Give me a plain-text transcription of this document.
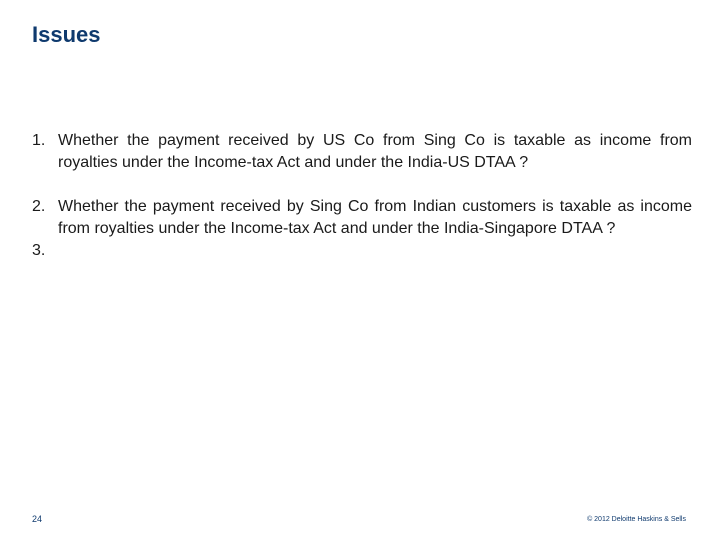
Issues
1. Whether the payment received by US Co from Sing Co is taxable as income from royalties under the Income-tax Act and under the India-US DTAA ?
2. Whether the payment received by Sing Co from Indian customers is taxable as income from royalties under the Income-tax Act and under the India-Singapore DTAA ?
3.
24	© 2012 Deloitte Haskins & Sells
